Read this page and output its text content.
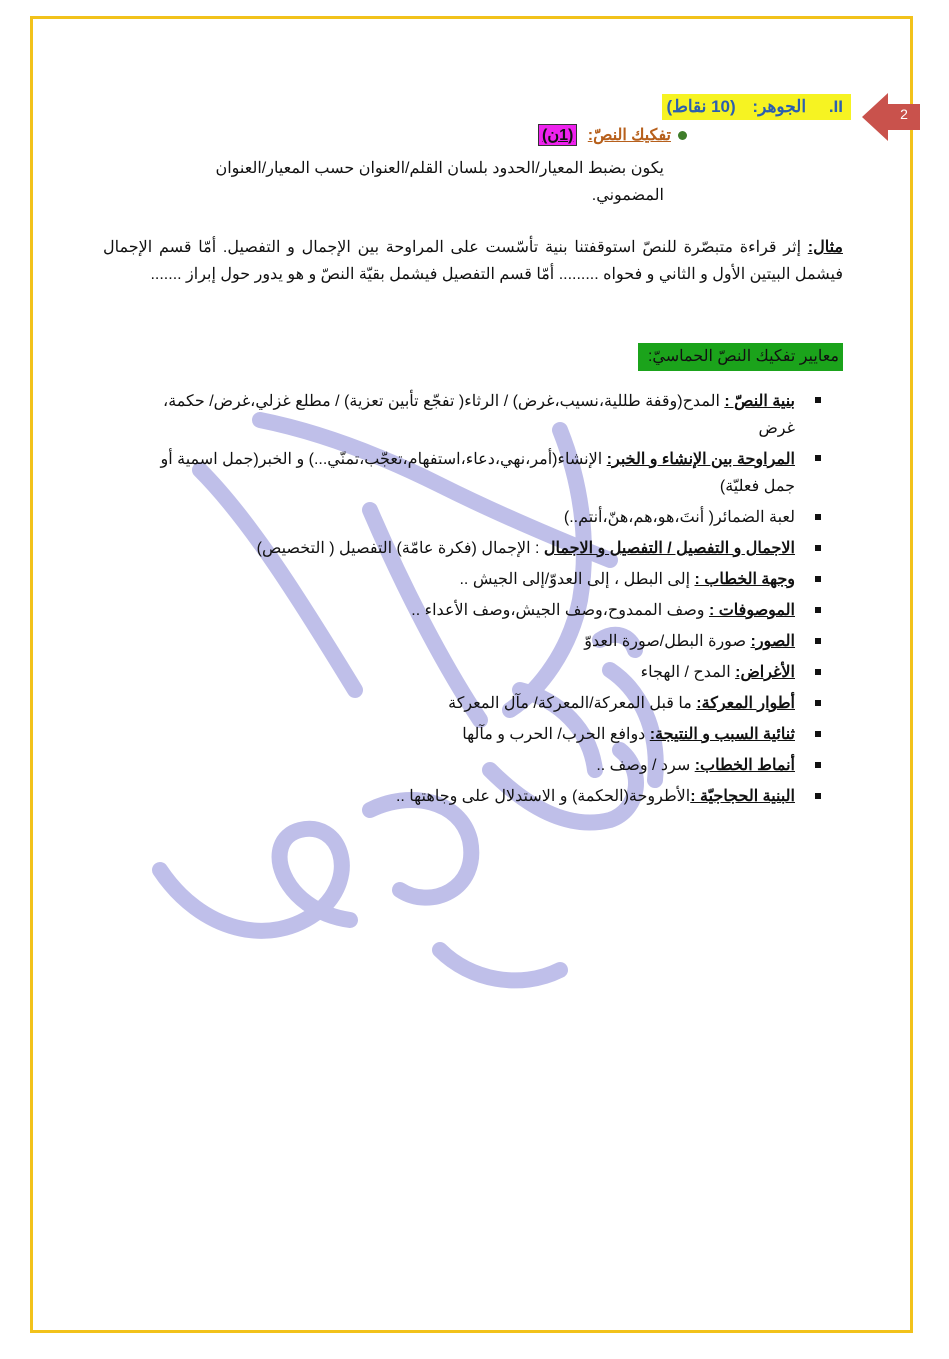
2
II. الجوهر: (10 نقاط)
تفكيك النصّ: (1ن)
يكون بضبط المعيار/الحدود بلسان القلم/العنوان حسب المعيار/العنوان المضموني.
مثال: إثر قراءة متبصّرة للنصّ استوقفتنا بنية تأسّست على المراوحة بين الإجمال و التفصيل. أمّا قسم الإجمال فيشمل البيتين الأول و الثاني و فحواه ......... أمّا قسم التفصيل فيشمل بقيّة النصّ و هو يدور حول إبراز .......
معايير تفكيك النصّ الحماسيّ:
بنية النصّ : المدح(وقفة طللية،نسيب،غرض) / الرثاء( تفجّع تأبين تعزية) / مطلع غزلي،غرض/ حكمة، غرض
المراوحة بين الإنشاء و الخبر: الإنشاء(أمر،نهي،دعاء،استفهام،تعجّب،تمنّي...) و الخبر(جمل اسمية أو جمل فعليّة)
لعبة الضمائر( أنتَ،هو،هم،هنّ،أنتم..)
الاجمال و التفصيل / التفصيل و الاجمال : الإجمال (فكرة عامّة) التفصيل ( التخصيص)
وجهة الخطاب : إلى البطل ، إلى العدوّ/إلى الجيش ..
الموصوفات : وصف الممدوح،وصف الجيش،وصف الأعداء ..
الصور: صورة البطل/صورة العدوّ
الأغراض: المدح / الهجاء
أطوار المعركة: ما قبل المعركة/المعركة/ مآل المعركة
ثنائية السبب و النتيجة: دوافع الحرب/ الحرب و مآلها
أنماط الخطاب: سرد / وصف ..
البنية الحجاجيّة :الأطروحة(الحكمة) و الاستدلال على وجاهتها ..
